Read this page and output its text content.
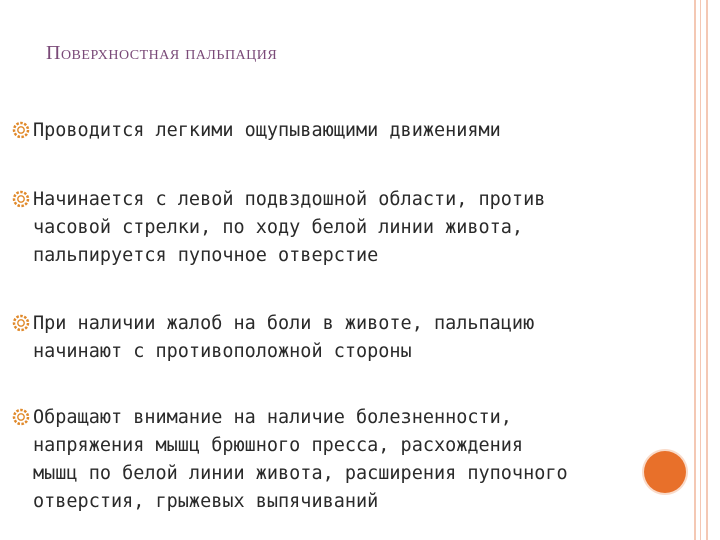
Поверхностная пальпация
Проводится легкими ощупывающими движениями
Начинается с левой подвздошной области, против
часовой стрелки, по ходу белой линии живота,
пальпируется пупочное отверстие
При наличии жалоб на боли в животе, пальпацию
начинают с противоположной стороны
Обращают внимание на наличие болезненности,
напряжения мышц брюшного пресса, расхождения
мышц по белой линии живота, расширения пупочного
отверстия, грыжевых выпячиваний
